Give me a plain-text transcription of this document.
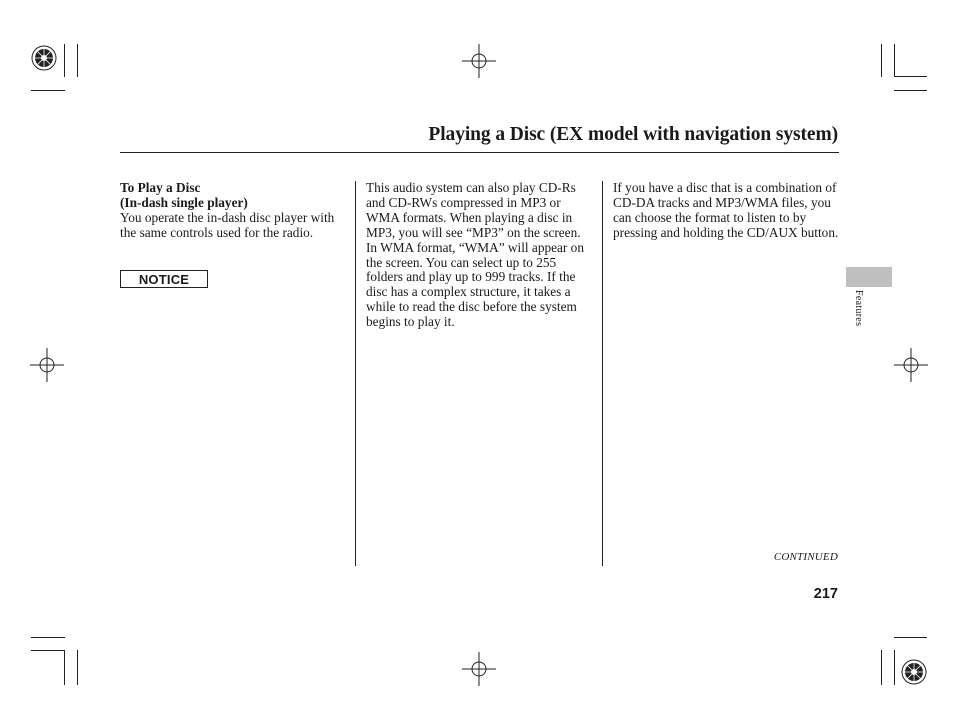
Playing a Disc (EX model with navigation system)

To Play a Disc

(In-dash single player)

You operate the in-dash disc player with the same controls used for the radio.

NOTICE

This audio system can also play CD-Rs and CD-RWs compressed in MP3 or WMA formats. When playing a disc in MP3, you will see “MP3” on the screen. In WMA format, “WMA” will appear on the screen. You can select up to 255 folders and play up to 999 tracks. If the disc has a complex structure, it takes a while to read the disc before the system begins to play it.

If you have a disc that is a combination of CD-DA tracks and MP3/WMA files, you can choose the format to listen to by pressing and holding the CD/AUX button.

Features
CONTINUED
217
